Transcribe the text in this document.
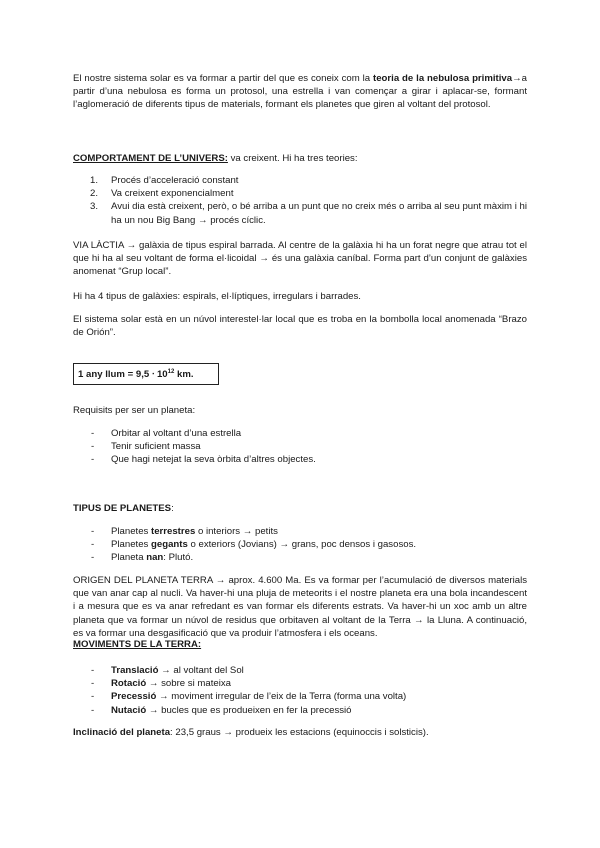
El nostre sistema solar es va formar a partir del que es coneix com la teoria de la nebulosa primitiva→a partir d’una nebulosa es forma un protosol, una estrella i van començar a girar i aplacar-se, formant l’aglomeració de diferents tipus de materials, formant els planetes que giren al voltant del protosol.

COMPORTAMENT DE L’UNIVERS: va creixent. Hi ha tres teories:

1. Procés d’acceleració constant
2. Va creixent exponencialment
3. Avui dia està creixent, però, o bé arriba a un punt que no creix més o arriba al seu punt màxim i hi ha un nou Big Bang → procés cíclic.

VIA LÀCTIA → galàxia de tipus espiral barrada. Al centre de la galàxia hi ha un forat negre que atrau tot el que hi ha al seu voltant de forma el·licoidal → és una galàxia caníbal. Forma part d’un conjunt de galàxies anomenat “Grup local”.

Hi ha 4 tipus de galàxies: espirals, el·líptiques, irregulars i barrades.

El sistema solar està en un núvol interestel·lar local que es troba en la bombolla local anomenada “Brazo de Orión”.

1 any llum = 9,5 ᐧ $10^{12}$ km.

Requisits per ser un planeta:

- Orbitar al voltant d’una estrella
- Tenir suficient massa
- Que hagi netejat la seva òrbita d’altres objectes.

TIPUS DE PLANETES:

- Planetes terrestres o interiors → petits
- Planetes gegants o exteriors (Jovians) → grans, poc densos i gasosos.
- Planeta nan: Plutó.

ORIGEN DEL PLANETA TERRA → aprox. 4.600 Ma. Es va formar per l’acumulació de diversos materials que van anar cap al nucli. Va haver-hi una pluja de meteorits i el nostre planeta era una bola incandescent i a mesura que es va anar refredant es van formar els diferents estrats. Va haver-hi un xoc amb un altre planeta que va formar un núvol de residus que orbitaven al voltant de la Terra → la Lluna. A continuació, es va formar una desgasificació que va produir l’atmosfera i els oceans.

MOVIMENTS DE LA TERRA:

- Translació → al voltant del Sol
- Rotació → sobre si mateixa
- Precessió → moviment irregular de l’eix de la Terra (forma una volta)
- Nutació → bucles que es produeixen en fer la precessió

Inclinació del planeta: 23,5 graus → produeix les estacions (equinoccis i solsticis).
